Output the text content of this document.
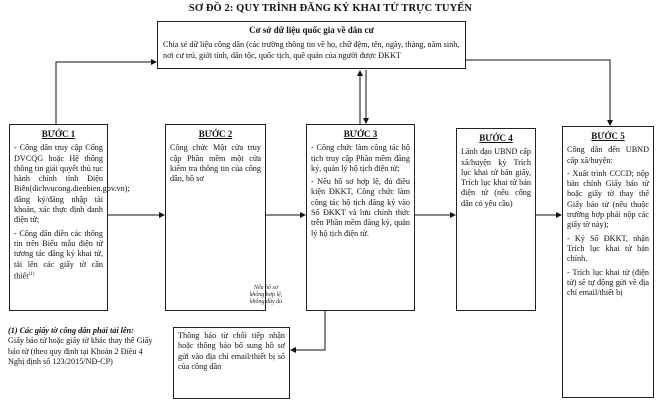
SƠ ĐỒ 2: QUY TRÌNH ĐĂNG KÝ KHAI TỬ TRỰC TUYẾN
Cơ sở dữ liệu quốc gia về dân cư

Chia sẻ dữ liệu công dân (các trường thông tin về họ, chữ đệm, tên, ngày, tháng, năm sinh, nơi cư trú, giới tính, dân tộc, quốc tịch, quê quán của người được ĐKKT

BƯỚC 1

- Công dân truy cập Cổng DVCQG hoặc Hệ thống thông tin giải quyết thủ tục hành chính tỉnh Điện Biên(dichvucong.dienbien.gov.vn); đăng ký/đăng nhập tài khoản, xác thực định danh điện tử;

- Công dân điền các thông tin trên Biểu mẫu điện tử tương tác đăng ký khai tử, tải lên các giấy tờ cần thiết$^{(1)}$

BƯỚC 2

Công chức Một cửa truy cập Phần mềm một cửa kiểm tra thông tin của công dân, hồ sơ

BƯỚC 3

- Công chức làm công tác hộ tịch truy cập Phần mềm đăng ký, quản lý hộ tịch điện tử;

- Nếu hồ sơ hợp lệ, đủ điều kiện ĐKKT, Công chức làm công tác hộ tịch đăng ký vào Sổ ĐKKT và lưu chính thức trên Phần mềm đăng ký, quản lý hộ tịch điện tử.

BƯỚC 4

Lãnh đạo UBND cấp xã/huyện ký Trích lục khai tử bản giấy, Trích lục khai tử bản điện tử (nếu công dân có yêu cầu)

BƯỚC 5

Công dân đến UBND cấp xã/huyện:

- Xuất trình CCCD; nộp bản chính Giấy báo tử hoặc giấy tờ thay thế Giấy báo tử (nếu thuộc trường hợp phải nộp các giấy tờ này);

- Ký Sổ ĐKKT, nhận Trích lục khai tử bản chính.

- Trích lục khai tử (điện tử) sẽ tự động gửi về địa chỉ email/thiết bị

Nếu hồ sơ không hợp lệ, không đầy đủ

Thông báo từ chối tiếp nhận hoặc thông báo bổ sung hồ sơ gửi vào địa chỉ email/thiết bị số của công dân

(1) Các giấy tờ công dân phải tải lên:

Giấy báo tử hoặc giấy tờ khác thay thế Giấy báo tử (theo quy định tại Khoản 2 Điều 4 Nghị định số 123/2015/NĐ-CP)
